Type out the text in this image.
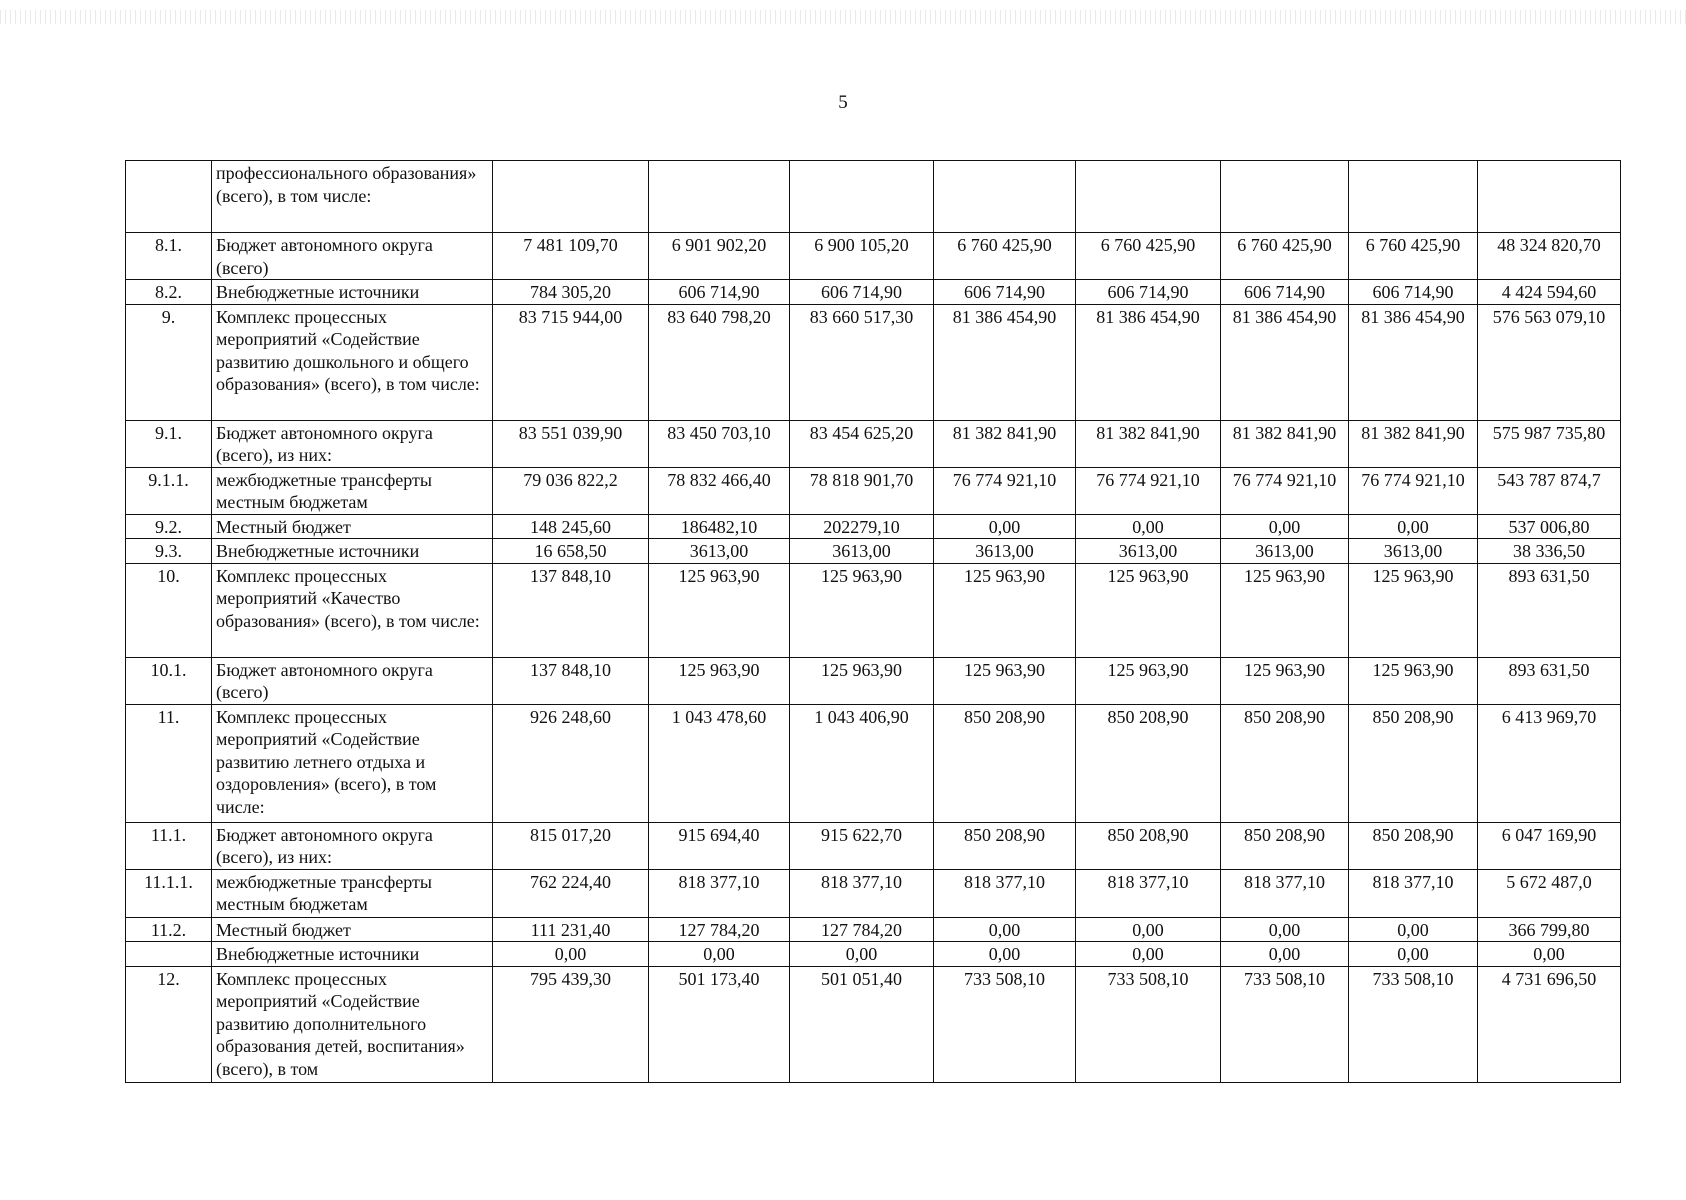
5
	профессионального образования» (всего), в том числе:								
8.1.	Бюджет автономного округа (всего)	7 481 109,70	6 901 902,20	6 900 105,20	6 760 425,90	6 760 425,90	6 760 425,90	6 760 425,90	48 324 820,70
8.2.	Внебюджетные источники	784 305,20	606 714,90	606 714,90	606 714,90	606 714,90	606 714,90	606 714,90	4 424 594,60
9.	Комплекс процессных мероприятий «Содействие развитию дошкольного и общего образования» (всего), в том числе:	83 715 944,00	83 640 798,20	83 660 517,30	81 386 454,90	81 386 454,90	81 386 454,90	81 386 454,90	576 563 079,10
9.1.	Бюджет автономного округа (всего), из них:	83 551 039,90	83 450 703,10	83 454 625,20	81 382 841,90	81 382 841,90	81 382 841,90	81 382 841,90	575 987 735,80
9.1.1.	межбюджетные трансферты местным бюджетам	79 036 822,2	78 832 466,40	78 818 901,70	76 774 921,10	76 774 921,10	76 774 921,10	76 774 921,10	543 787 874,7
9.2.	Местный бюджет	148 245,60	186482,10	202279,10	0,00	0,00	0,00	0,00	537 006,80
9.3.	Внебюджетные источники	16 658,50	3613,00	3613,00	3613,00	3613,00	3613,00	3613,00	38 336,50
10.	Комплекс процессных мероприятий «Качество образования» (всего), в том числе:	137 848,10	125 963,90	125 963,90	125 963,90	125 963,90	125 963,90	125 963,90	893 631,50
10.1.	Бюджет автономного округа (всего)	137 848,10	125 963,90	125 963,90	125 963,90	125 963,90	125 963,90	125 963,90	893 631,50
11.	Комплекс процессных мероприятий «Содействие развитию летнего отдыха и оздоровления» (всего), в том числе:	926 248,60	1 043 478,60	1 043 406,90	850 208,90	850 208,90	850 208,90	850 208,90	6 413 969,70
11.1.	Бюджет автономного округа (всего), из них:	815 017,20	915 694,40	915 622,70	850 208,90	850 208,90	850 208,90	850 208,90	6 047 169,90
11.1.1.	межбюджетные трансферты местным бюджетам	762 224,40	818 377,10	818 377,10	818 377,10	818 377,10	818 377,10	818 377,10	5 672 487,0
11.2.	Местный бюджет	111 231,40	127 784,20	127 784,20	0,00	0,00	0,00	0,00	366 799,80
	Внебюджетные источники	0,00	0,00	0,00	0,00	0,00	0,00	0,00	0,00
12.	Комплекс процессных мероприятий «Содействие развитию дополнительного образования детей, воспитания» (всего), в том	795 439,30	501 173,40	501 051,40	733 508,10	733 508,10	733 508,10	733 508,10	4 731 696,50
